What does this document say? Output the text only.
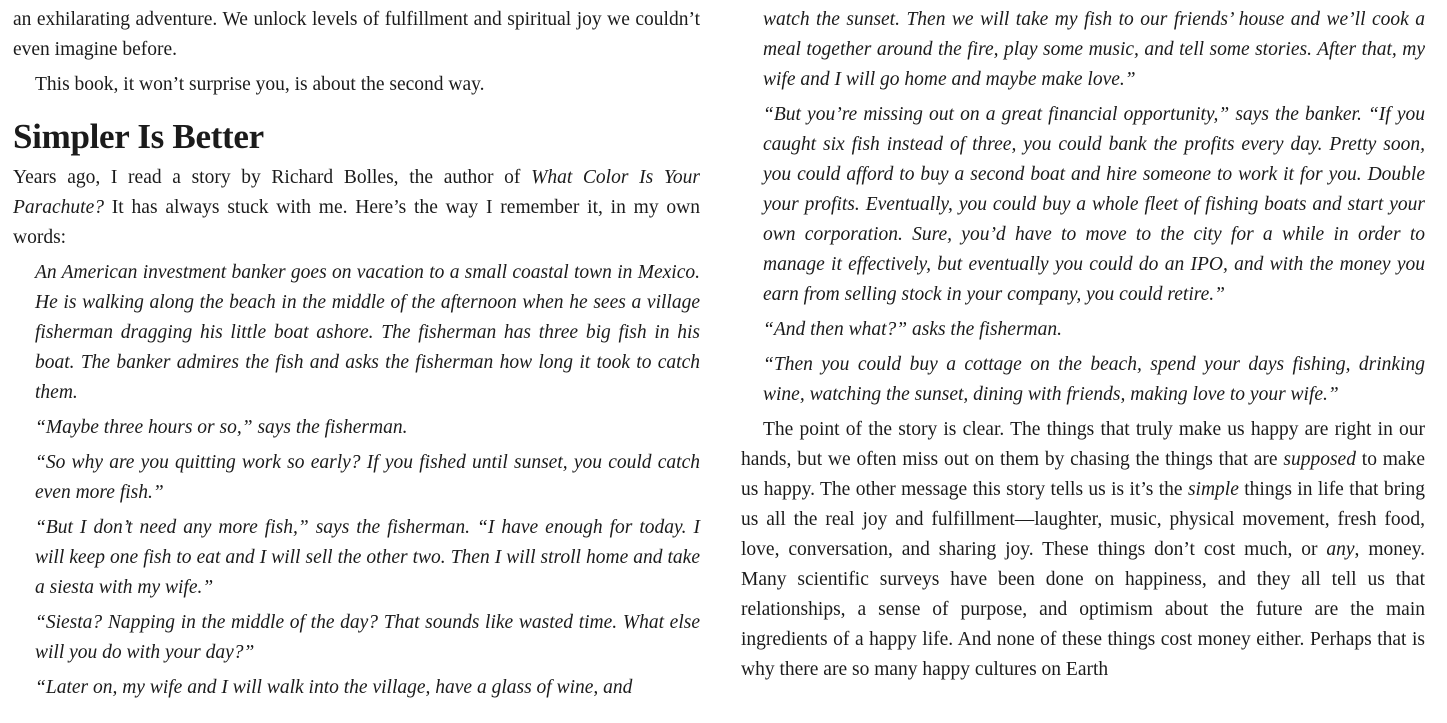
an exhilarating adventure. We unlock levels of fulfillment and spiritual joy we couldn’t even imagine before.

This book, it won’t surprise you, is about the second way.

Simpler Is Better

Years ago, I read a story by Richard Bolles, the author of What Color Is Your Parachute? It has always stuck with me. Here’s the way I remember it, in my own words:

An American investment banker goes on vacation to a small coastal town in Mexico. He is walking along the beach in the middle of the afternoon when he sees a village fisherman dragging his little boat ashore. The fisherman has three big fish in his boat. The banker admires the fish and asks the fisherman how long it took to catch them.

“Maybe three hours or so,” says the fisherman.

“So why are you quitting work so early? If you fished until sunset, you could catch even more fish.”

“But I don’t need any more fish,” says the fisherman. “I have enough for today. I will keep one fish to eat and I will sell the other two. Then I will stroll home and take a siesta with my wife.”

“Siesta? Napping in the middle of the day? That sounds like wasted time. What else will you do with your day?”

“Later on, my wife and I will walk into the village, have a glass of wine, and

watch the sunset. Then we will take my fish to our friends’ house and we’ll cook a meal together around the fire, play some music, and tell some stories. After that, my wife and I will go home and maybe make love.”

“But you’re missing out on a great financial opportunity,” says the banker. “If you caught six fish instead of three, you could bank the profits every day. Pretty soon, you could afford to buy a second boat and hire someone to work it for you. Double your profits. Eventually, you could buy a whole fleet of fishing boats and start your own corporation. Sure, you’d have to move to the city for a while in order to manage it effectively, but eventually you could do an IPO, and with the money you earn from selling stock in your company, you could retire.”

“And then what?” asks the fisherman.

“Then you could buy a cottage on the beach, spend your days fishing, drinking wine, watching the sunset, dining with friends, making love to your wife.”

The point of the story is clear. The things that truly make us happy are right in our hands, but we often miss out on them by chasing the things that are supposed to make us happy. The other message this story tells us is it’s the simple things in life that bring us all the real joy and fulfillment—laughter, music, physical movement, fresh food, love, conversation, and sharing joy. These things don’t cost much, or any, money. Many scientific surveys have been done on happiness, and they all tell us that relationships, a sense of purpose, and optimism about the future are the main ingredients of a happy life. And none of these things cost money either. Perhaps that is why there are so many happy cultures on Earth
